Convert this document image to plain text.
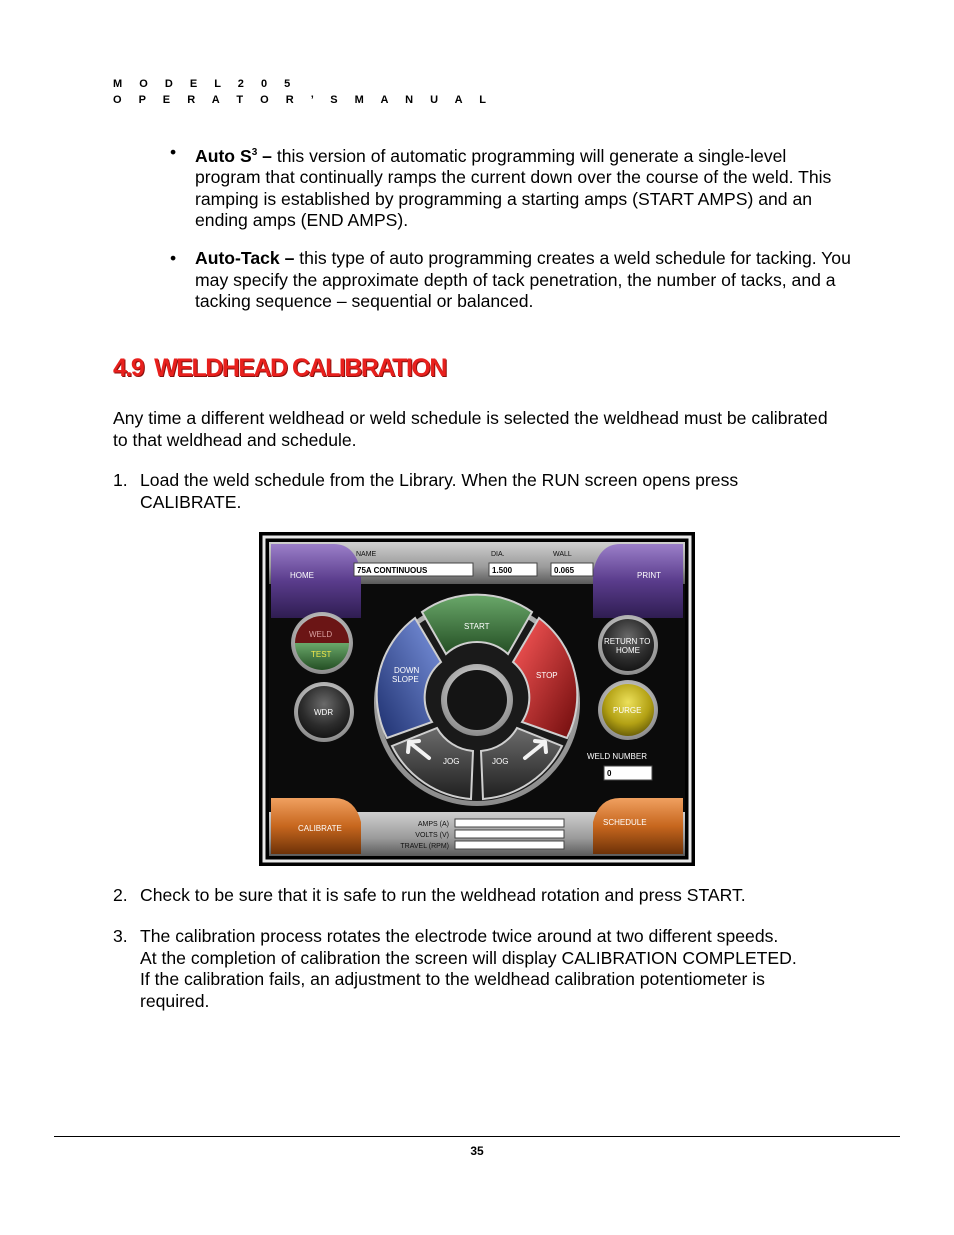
M O D E L 2 0 5
O P E R A T O R ’ S M A N U A L
• Auto $S^3$ – this version of automatic programming will generate a single-level
program that continually ramps the current down over the course of the weld. This
ramping is established by programming a starting amps (START AMPS) and an
ending amps (END AMPS).
• Auto-Tack – this type of auto programming creates a weld schedule for tacking. You
may specify the approximate depth of tack penetration, the number of tacks, and a
tacking sequence – sequential or balanced.
4.9 WELDHEAD CALIBRATION
Any time a different weldhead or weld schedule is selected the weldhead must be calibrated
to that weldhead and schedule.
1. Load the weld schedule from the Library. When the RUN screen opens press
CALIBRATE.
HOME	PRINT
CALIBRATE
SCHEDULE
NAME
75A CONTINUOUS
DIA.
1.500
WALL
0.065
WELD
TEST
WDR
RETURN TO
HOME
PURGE
WELD NUMBER
0
START
STOP
DOWN
SLOPE
JOG	JOG
AMPS (A)
VOLTS (V)
TRAVEL (RPM)
2. Check to be sure that it is safe to run the weldhead rotation and press START.
3. The calibration process rotates the electrode twice around at two different speeds.
At the completion of calibration the screen will display CALIBRATION COMPLETED.
If the calibration fails, an adjustment to the weldhead calibration potentiometer is
required.
35
